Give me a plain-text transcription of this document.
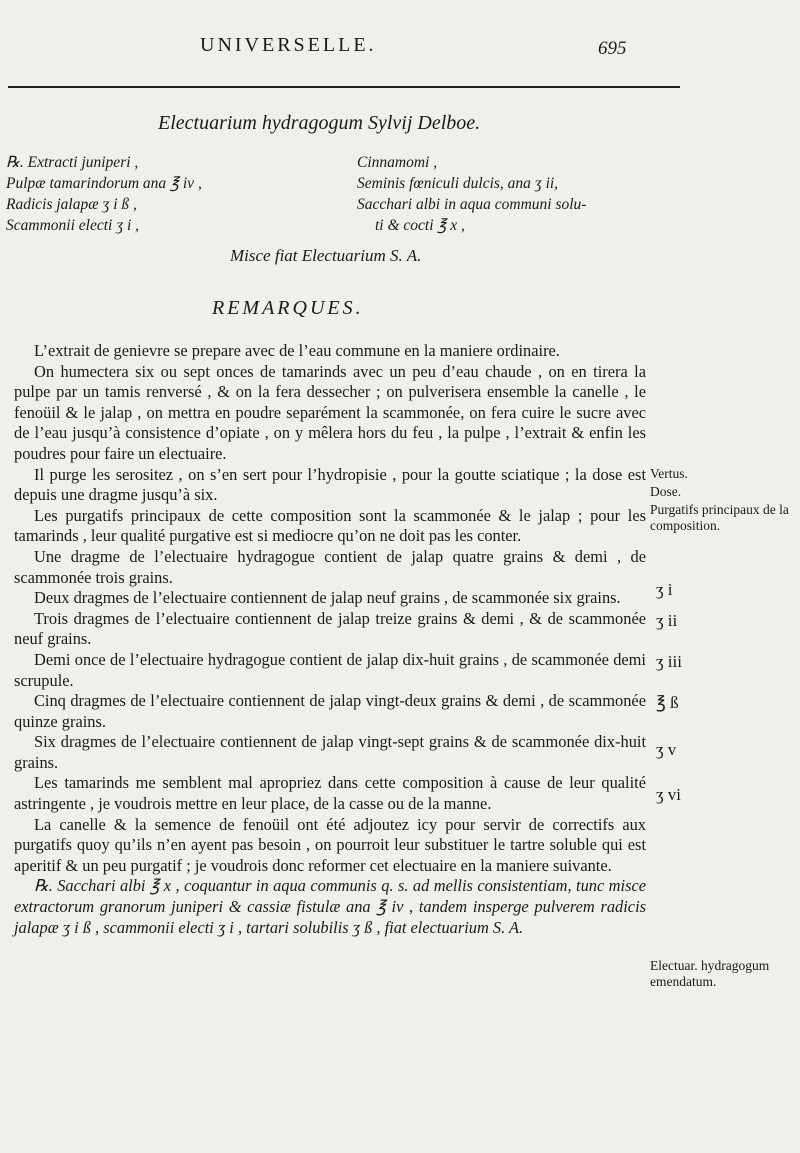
UNIVERSELLE.	695
Electuarium hydragogum Sylvij Delboe.
℞. Extracti juniperi ,
Pulpæ tamarindorum ana ℥ iv ,
Radicis jalapæ ʒ i ß ,
Scammonii electi ʒ i ,
Cinnamomi ,
Seminis fœniculi dulcis, ana ʒ ii,
Sacchari albi in aqua communi solu-
ti & cocti ℥ x ,
Misce fiat Electuarium S. A.
REMARQUES.

L’extrait de genievre se prepare avec de l’eau commune en la maniere ordinaire.

On humectera six ou sept onces de tamarinds avec un peu d’eau chaude , on en tirera la pulpe par un tamis renversé , & on la fera dessecher ; on pulverisera ensemble la canelle , le fenoüil & le jalap , on mettra en poudre separément la scammonée, on fera cuire le sucre avec de l’eau jusqu’à consistence d’opiate , on y mêlera hors du feu , la pulpe , l’extrait & enfin les poudres pour faire un electuaire.

Il purge les serositez , on s’en sert pour l’hydropisie , pour la goutte sciatique ; la dose est depuis une dragme jusqu’à six.

Les purgatifs principaux de cette composition sont la scammonée & le jalap ; pour les tamarinds , leur qualité purgative est si mediocre qu’on ne doit pas les conter.

Une dragme de l’electuaire hydragogue contient de jalap quatre grains & demi , de scammonée trois grains.

Deux dragmes de l’electuaire contiennent de jalap neuf grains , de scammonée six grains.

Trois dragmes de l’electuaire contiennent de jalap treize grains & demi , & de scammonée neuf grains.

Demi once de l’electuaire hydragogue contient de jalap dix-huit grains , de scammonée demi scrupule.

Cinq dragmes de l’electuaire contiennent de jalap vingt-deux grains & demi , de scammonée quinze grains.

Six dragmes de l’electuaire contiennent de jalap vingt-sept grains & de scammonée dix-huit grains.

Les tamarinds me semblent mal apropriez dans cette composition à cause de leur qualité astringente , je voudrois mettre en leur place, de la casse ou de la manne.

La canelle & la semence de fenoüil ont été adjoutez icy pour servir de correctifs aux purgatifs quoy qu’ils n’en ayent pas besoin , on pourroit leur substituer le tartre soluble qui est aperitif & un peu purgatif ; je voudrois donc reformer cet electuaire en la maniere suivante.

℞. Sacchari albi ℥ x , coquantur in aqua communis q. s. ad mellis consistentiam, tunc misce extractorum granorum juniperi & cassiæ fistulæ ana ℥ iv , tandem insperge pulverem radicis jalapæ ʒ i ß , scammonii electi ʒ i , tartari solubilis ʒ ß , fiat electuarium S. A.

Vertus.
Dose.
Purgatifs principaux de la composition.
Electuar. hydragogum emendatum.
ʒ i
ʒ ii
ʒ iii
℥ ß
ʒ v
ʒ vi
